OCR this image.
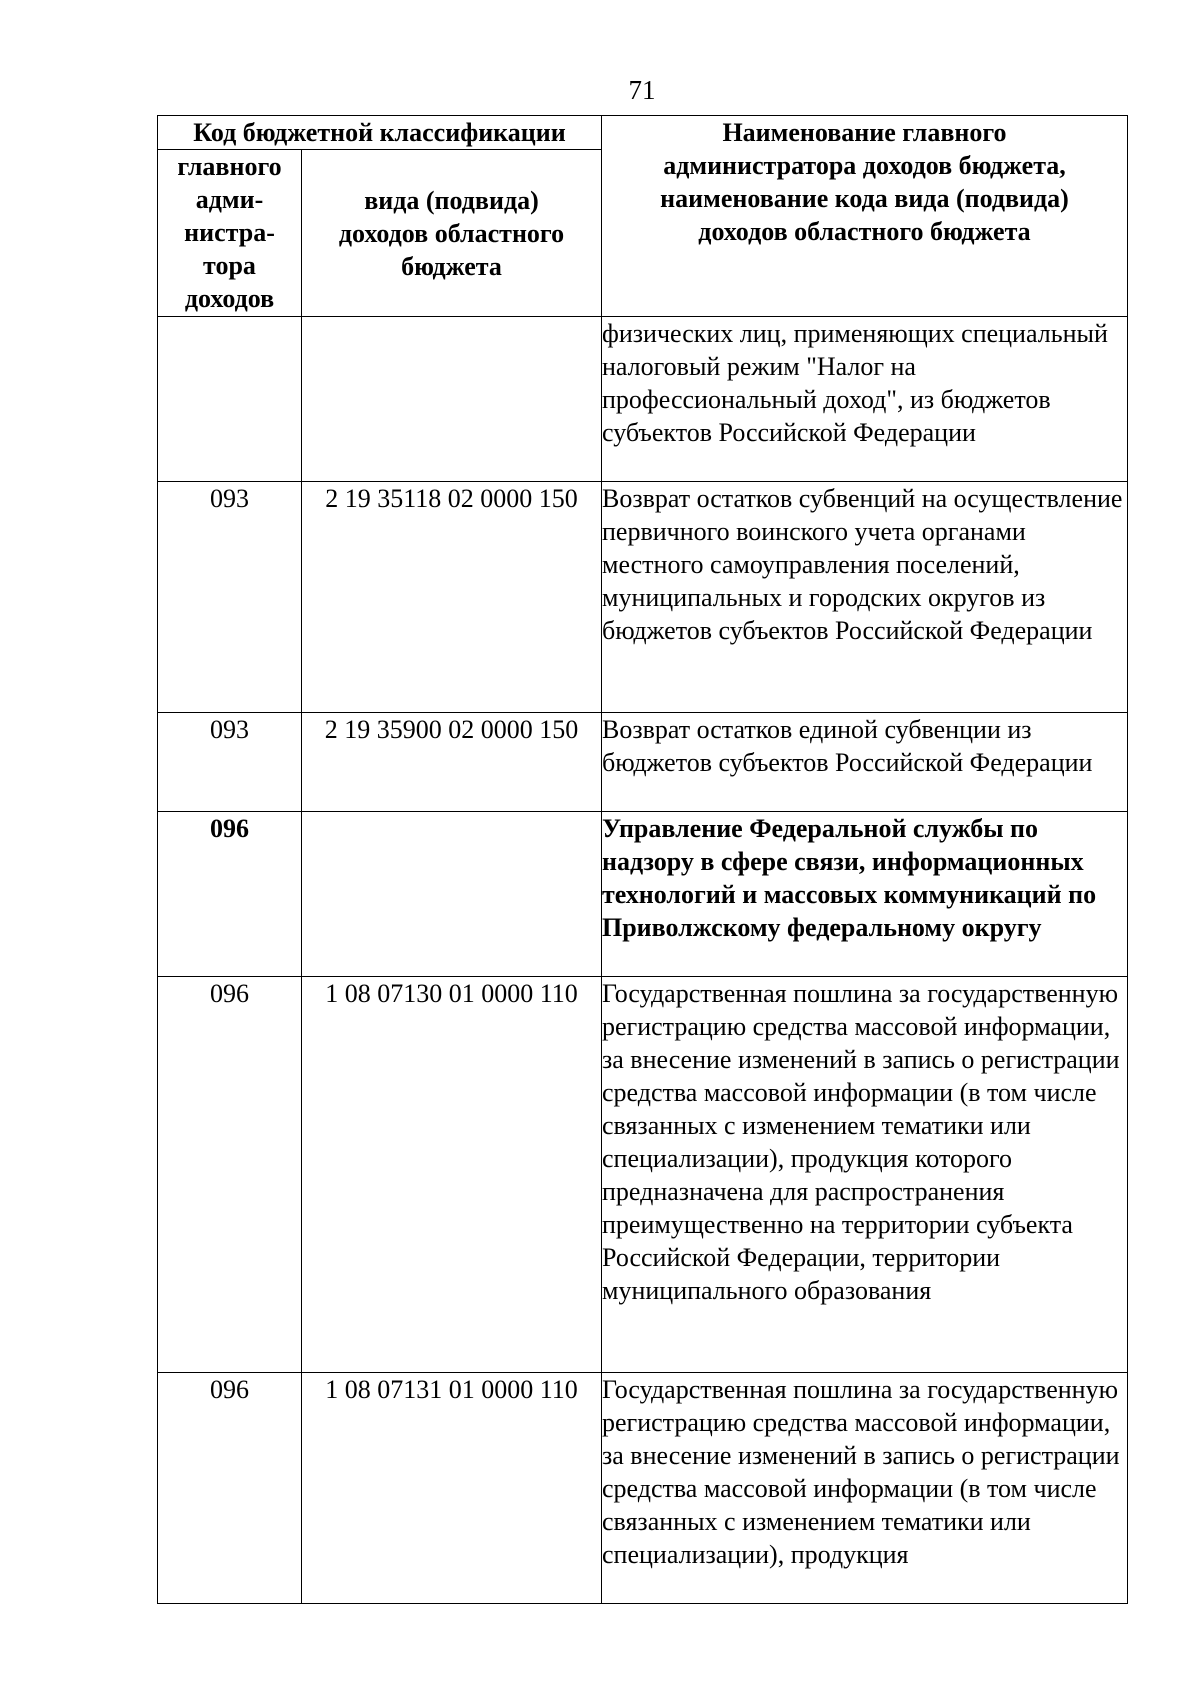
71
Код бюджетной классификации		Наименование главного
администратора доходов бюджета,
наименование кода вида (подвида)
доходов областного бюджета

главного
адми-
нистра-
тора
доходов	вида (подвида)
доходов областного
бюджета	

		физических лиц, применяющих специальный налоговый режим "Налог на профессиональный доход", из бюджетов субъектов Российской Федерации
093	2 19 35118 02 0000 150	Возврат остатков субвенций на осуществление первичного воинского учета органами местного самоуправления поселений, муниципальных и городских округов из бюджетов субъектов Российской Федерации
093	2 19 35900 02 0000 150	Возврат остатков единой субвенции из бюджетов субъектов Российской Федерации
096		Управление Федеральной службы по надзору в сфере связи, информационных технологий и массовых коммуникаций по Приволжскому федеральному округу
096	1 08 07130 01 0000 110	Государственная пошлина за государственную регистрацию средства массовой информации, за внесение изменений в запись о регистрации средства массовой информации (в том числе связанных с изменением тематики или специализации), продукция которого предназначена для распространения преимущественно на территории субъекта Российской Федерации, территории муниципального образования
096	1 08 07131 01 0000 110	Государственная пошлина за государственную регистрацию средства массовой информации, за внесение изменений в запись о регистрации средства массовой информации (в том числе связанных с изменением тематики или специализации), продукция
